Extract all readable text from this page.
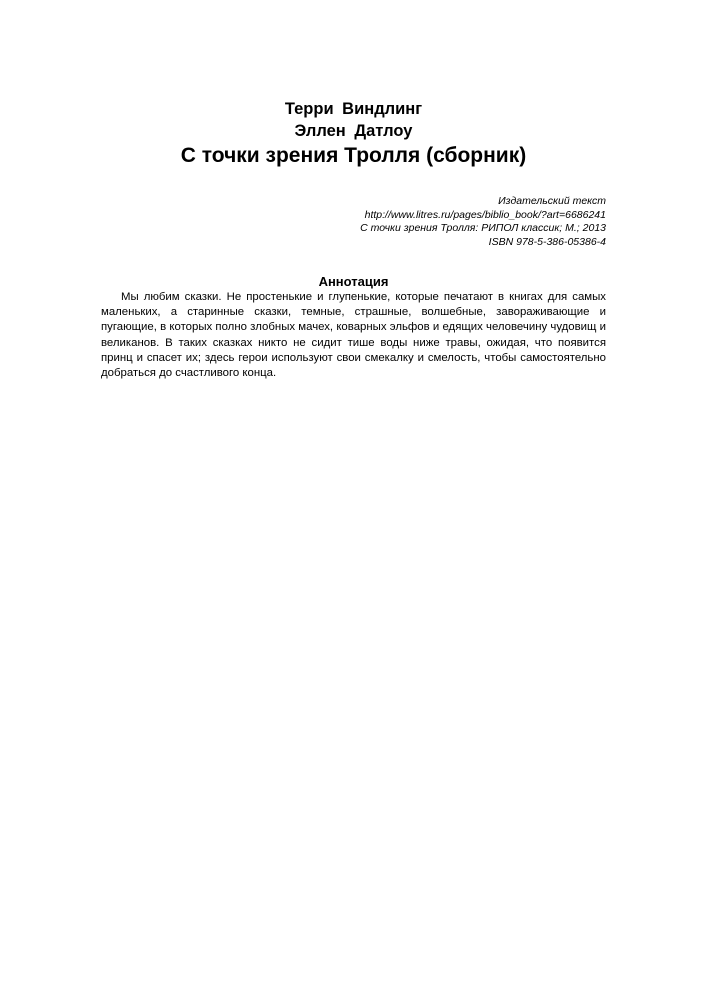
Терри Виндлинг
Эллен Датлоу
С точки зрения Тролля (сборник)
Издательский текст
http://www.litres.ru/pages/biblio_book/?art=6686241
С точки зрения Тролля: РИПОЛ классик; М.; 2013
ISBN 978-5-386-05386-4
Аннотация

Мы любим сказки. Не простенькие и глупенькие, которые печатают в книгах для самых маленьких, а старинные сказки, темные, страшные, волшебные, завораживающие и пугающие, в которых полно злобных мачех, коварных эльфов и едящих человечину чудовищ и великанов. В таких сказках никто не сидит тише воды ниже травы, ожидая, что появится принц и спасет их; здесь герои используют свои смекалку и смелость, чтобы самостоятельно добраться до счастливого конца.
